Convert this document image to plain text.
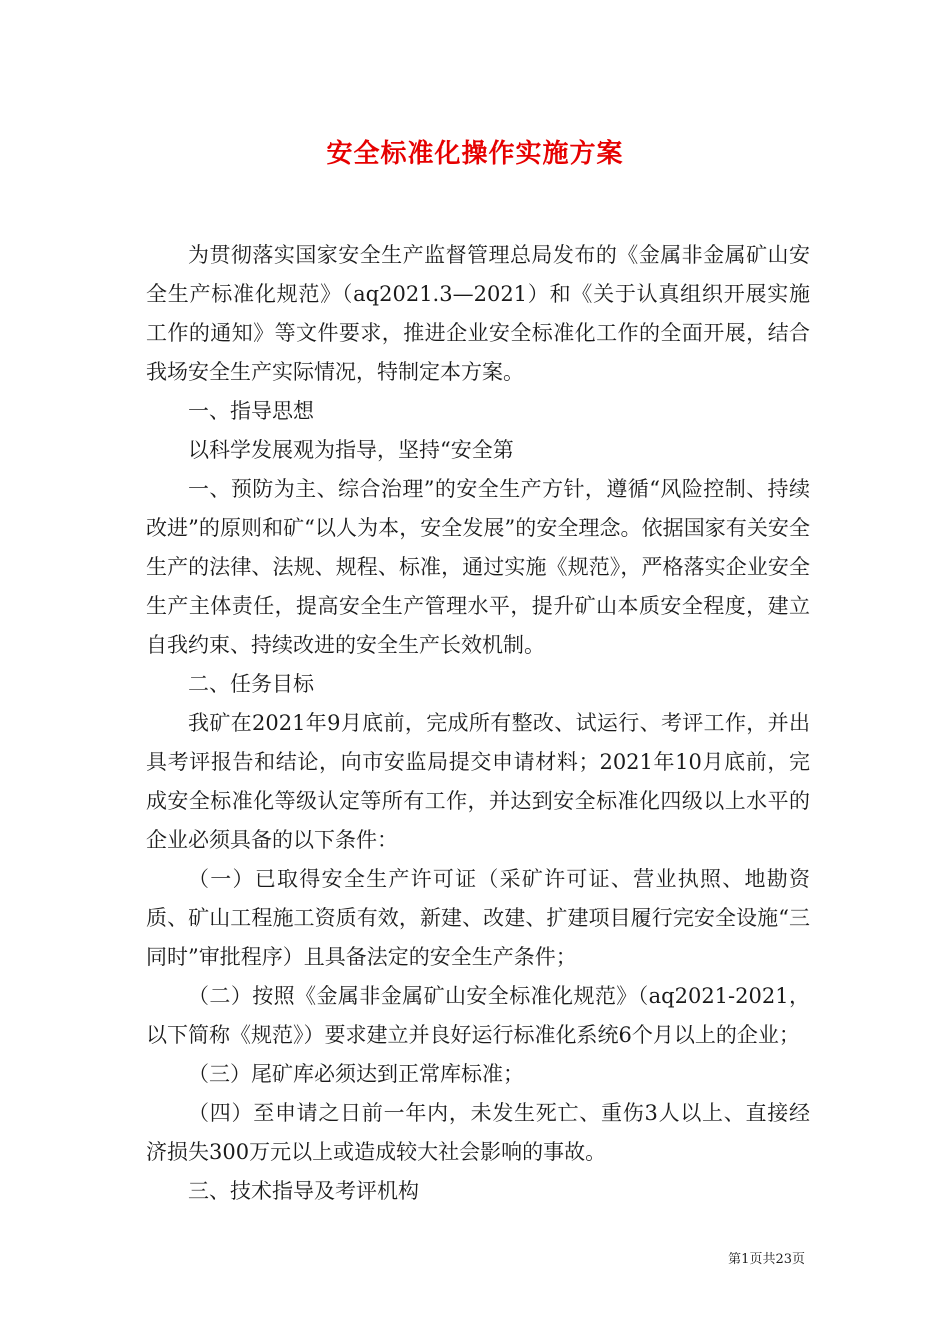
安全标准化操作实施方案

为贯彻落实国家安全生产监督管理总局发布的《金属非金属矿山安全生产标准化规范》（aq2021.3—2021）和《关于认真组织开展实施工作的通知》等文件要求，推进企业安全标准化工作的全面开展，结合我场安全生产实际情况，特制定本方案。

一、指导思想

以科学发展观为指导，坚持“安全第

一、预防为主、综合治理”的安全生产方针，遵循“风险控制、持续改进”的原则和矿“以人为本，安全发展”的安全理念。依据国家有关安全生产的法律、法规、规程、标准，通过实施《规范》，严格落实企业安全生产主体责任，提高安全生产管理水平，提升矿山本质安全程度，建立自我约束、持续改进的安全生产长效机制。

二、任务目标

我矿在2021年9月底前，完成所有整改、试运行、考评工作，并出具考评报告和结论，向市安监局提交申请材料；2021年10月底前，完成安全标准化等级认定等所有工作，并达到安全标准化四级以上水平的企业必须具备的以下条件：

（一）已取得安全生产许可证（采矿许可证、营业执照、地勘资质、矿山工程施工资质有效，新建、改建、扩建项目履行完安全设施“三同时”审批程序）且具备法定的安全生产条件；

（二）按照《金属非金属矿山安全标准化规范》（aq2021-2021，以下简称《规范》）要求建立并良好运行标准化系统6个月以上的企业；

（三）尾矿库必须达到正常库标准；

（四）至申请之日前一年内，未发生死亡、重伤3人以上、直接经济损失300万元以上或造成较大社会影响的事故。

三、技术指导及考评机构

第1页共23页
